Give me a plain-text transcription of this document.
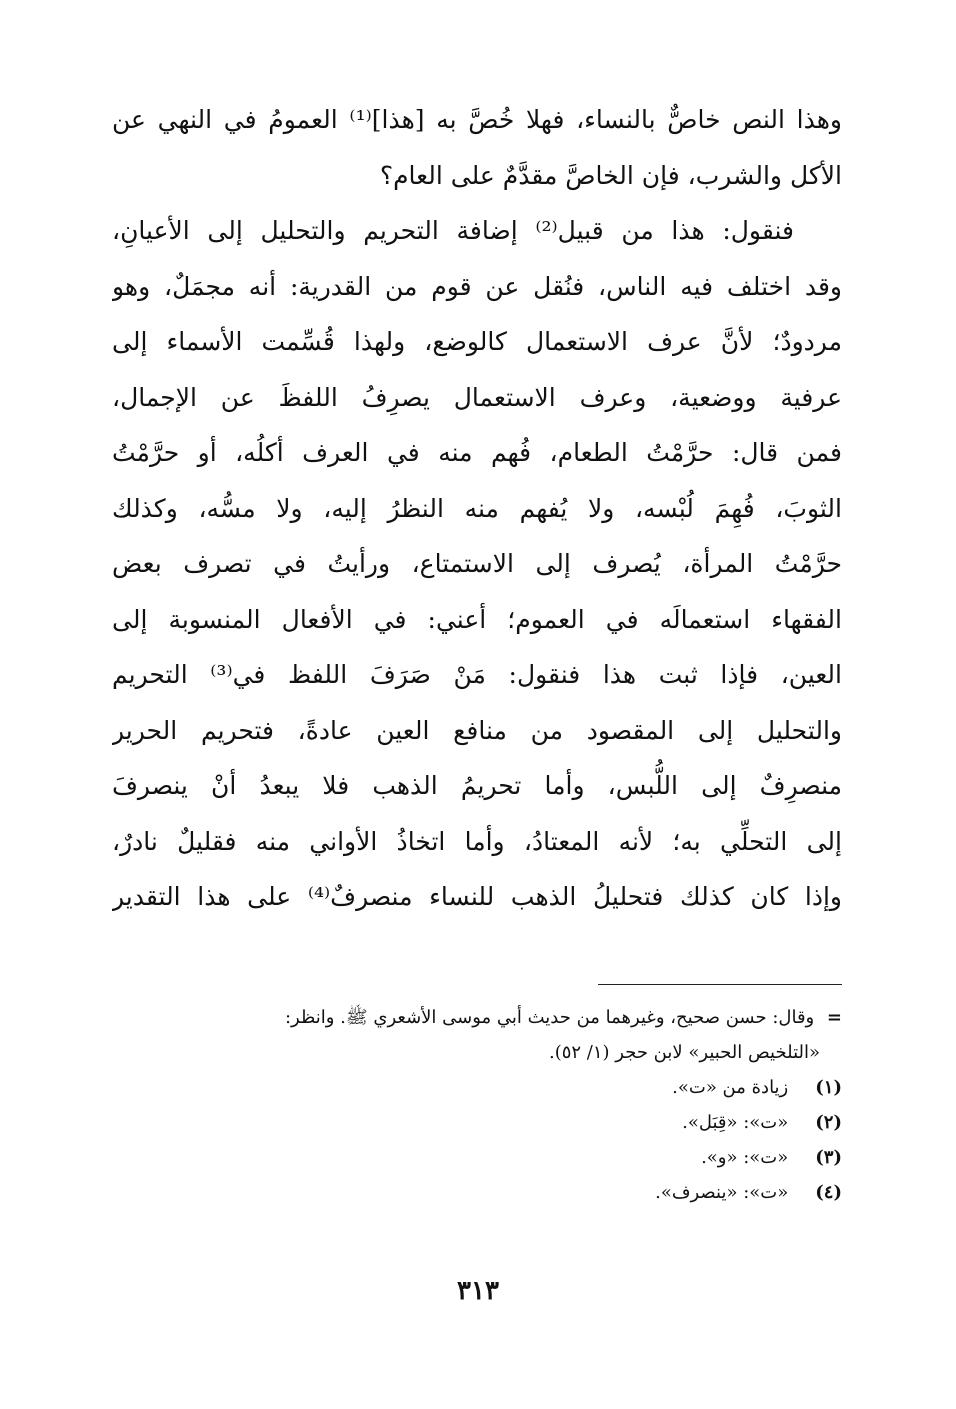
وهذا النص خاصٌّ بالنساء، فهلا خُصَّ به [هذا]⁽¹⁾ العمومُ في النهي عن
الأكل والشرب، فإن الخاصَّ مقدَّمٌ على العام؟
فنقول: هذا من قبيل⁽²⁾ إضافة التحريم والتحليل إلى الأعيانِ،
وقد اختلف فيه الناس، فنُقل عن قوم من القدرية: أنه مجمَلٌ، وهو
مردودٌ؛ لأنَّ عرف الاستعمال كالوضع، ولهذا قُسِّمت الأسماء إلى
عرفية ووضعية، وعرف الاستعمال يصرِفُ اللفظَ عن الإجمال،
فمن قال: حرَّمْتُ الطعام، فُهم منه في العرف أكلُه، أو حرَّمْتُ
الثوبَ، فُهِمَ لُبْسه، ولا يُفهم منه النظرُ إليه، ولا مسُّه، وكذلك
حرَّمْتُ المرأة، يُصرف إلى الاستمتاع، ورأيتُ في تصرف بعض
الفقهاء استعمالَه في العموم؛ أعني: في الأفعال المنسوبة إلى
العين، فإذا ثبت هذا فنقول: مَنْ صَرَفَ اللفظ في⁽³⁾ التحريم
والتحليل إلى المقصود من منافع العين عادةً، فتحريم الحرير
منصرِفٌ إلى اللُّبس، وأما تحريمُ الذهب فلا يبعدُ أنْ ينصرفَ
إلى التحلِّي به؛ لأنه المعتادُ، وأما اتخاذُ الأواني منه فقليلٌ نادرٌ،
وإذا كان كذلك فتحليلُ الذهب للنساء منصرفٌ⁽⁴⁾ على هذا التقدير
= وقال: حسن صحيح، وغيرهما من حديث أبي موسى الأشعري ﷺ. وانظر:
«التلخيص الحبير» لابن حجر (١/ ٥٢).
(١) زيادة من «ت».
(٢) «ت»: «قِبَل».
(٣) «ت»: «و».
(٤) «ت»: «ينصرف».
٣١٣
